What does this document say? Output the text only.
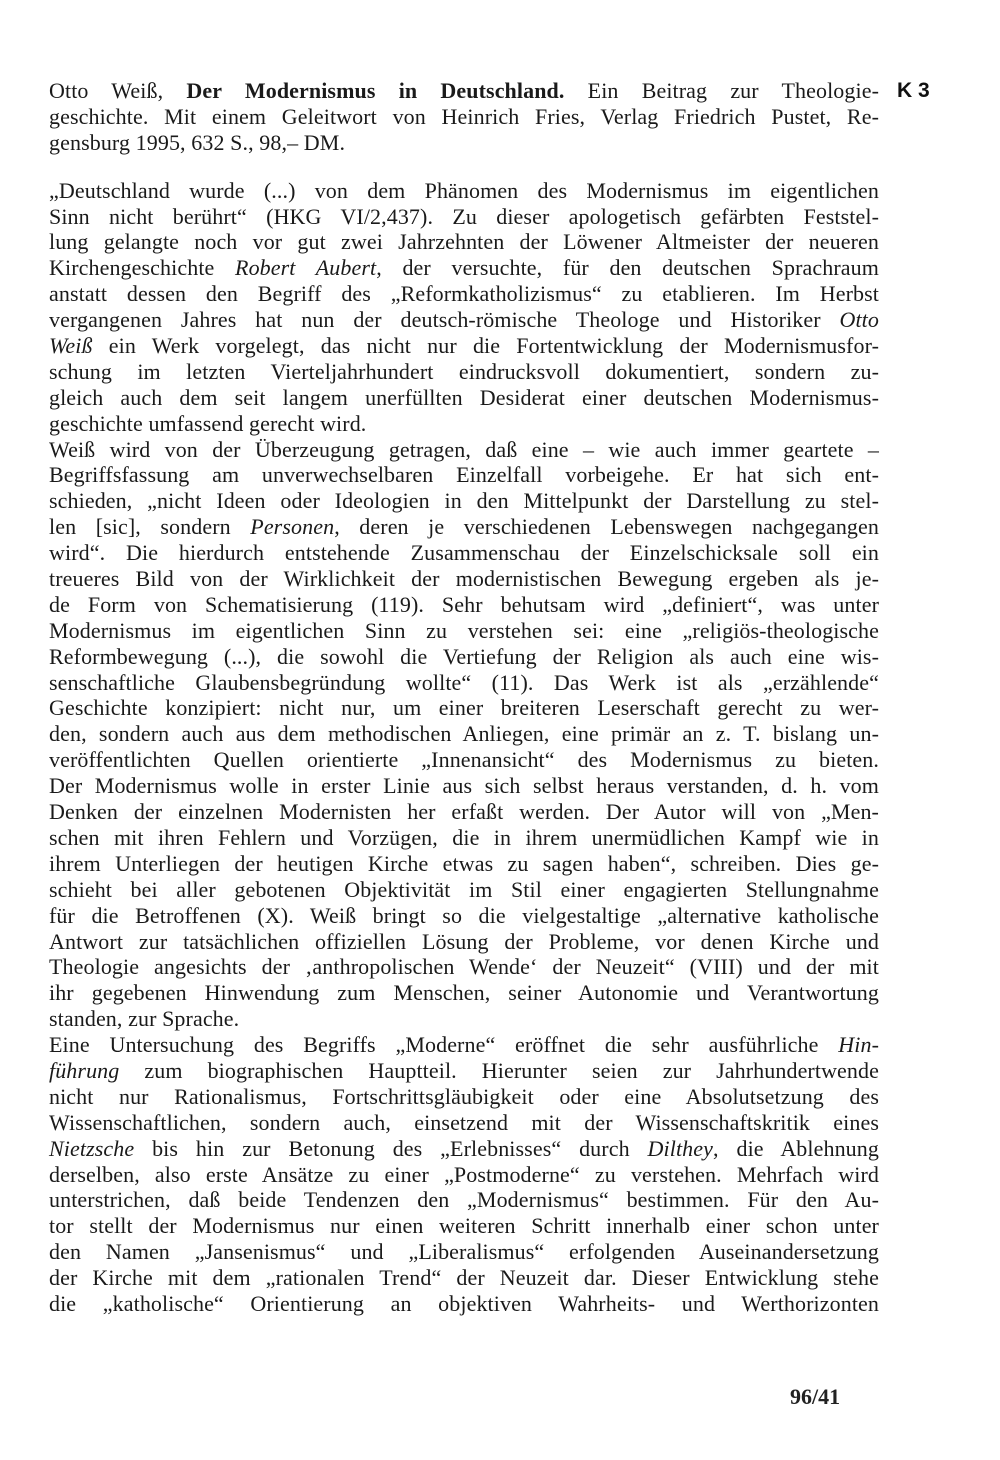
Otto Weiß, Der Modernismus in Deutschland. Ein Beitrag zur Theologie-
geschichte. Mit einem Geleitwort von Heinrich Fries, Verlag Friedrich Pustet, Re-
gensburg 1995, 632 S., 98,– DM.
„Deutschland wurde (...) von dem Phänomen des Modernismus im eigentlichen
Sinn nicht berührt“ (HKG VI/2,437). Zu dieser apologetisch gefärbten Feststel-
lung gelangte noch vor gut zwei Jahrzehnten der Löwener Altmeister der neueren
Kirchengeschichte Robert Aubert, der versuchte, für den deutschen Sprachraum
anstatt dessen den Begriff des „Reformkatholizismus“ zu etablieren. Im Herbst
vergangenen Jahres hat nun der deutsch-römische Theologe und Historiker Otto
Weiß ein Werk vorgelegt, das nicht nur die Fortentwicklung der Modernismusfor-
schung im letzten Vierteljahrhundert eindrucksvoll dokumentiert, sondern zu-
gleich auch dem seit langem unerfüllten Desiderat einer deutschen Modernismus-
geschichte umfassend gerecht wird.
Weiß wird von der Überzeugung getragen, daß eine – wie auch immer geartete –
Begriffsfassung am unverwechselbaren Einzelfall vorbeigehe. Er hat sich ent-
schieden, „nicht Ideen oder Ideologien in den Mittelpunkt der Darstellung zu stel-
len [sic], sondern Personen, deren je verschiedenen Lebenswegen nachgegangen
wird“. Die hierdurch entstehende Zusammenschau der Einzelschicksale soll ein
treueres Bild von der Wirklichkeit der modernistischen Bewegung ergeben als je-
de Form von Schematisierung (119). Sehr behutsam wird „definiert“, was unter
Modernismus im eigentlichen Sinn zu verstehen sei: eine „religiös-theologische
Reformbewegung (...), die sowohl die Vertiefung der Religion als auch eine wis-
senschaftliche Glaubensbegründung wollte“ (11). Das Werk ist als „erzählende“
Geschichte konzipiert: nicht nur, um einer breiteren Leserschaft gerecht zu wer-
den, sondern auch aus dem methodischen Anliegen, eine primär an z. T. bislang un-
veröffentlichten Quellen orientierte „Innenansicht“ des Modernismus zu bieten.
Der Modernismus wolle in erster Linie aus sich selbst heraus verstanden, d. h. vom
Denken der einzelnen Modernisten her erfaßt werden. Der Autor will von „Men-
schen mit ihren Fehlern und Vorzügen, die in ihrem unermüdlichen Kampf wie in
ihrem Unterliegen der heutigen Kirche etwas zu sagen haben“, schreiben. Dies ge-
schieht bei aller gebotenen Objektivität im Stil einer engagierten Stellungnahme
für die Betroffenen (X). Weiß bringt so die vielgestaltige „alternative katholische
Antwort zur tatsächlichen offiziellen Lösung der Probleme, vor denen Kirche und
Theologie angesichts der ‚anthropolischen Wende‘ der Neuzeit“ (VIII) und der mit
ihr gegebenen Hinwendung zum Menschen, seiner Autonomie und Verantwortung
standen, zur Sprache.
Eine Untersuchung des Begriffs „Moderne“ eröffnet die sehr ausführliche Hin-
führung zum biographischen Hauptteil. Hierunter seien zur Jahrhundertwende
nicht nur Rationalismus, Fortschrittsgläubigkeit oder eine Absolutsetzung des
Wissenschaftlichen, sondern auch, einsetzend mit der Wissenschaftskritik eines
Nietzsche bis hin zur Betonung des „Erlebnisses“ durch Dilthey, die Ablehnung
derselben, also erste Ansätze zu einer „Postmoderne“ zu verstehen. Mehrfach wird
unterstrichen, daß beide Tendenzen den „Modernismus“ bestimmen. Für den Au-
tor stellt der Modernismus nur einen weiteren Schritt innerhalb einer schon unter
den Namen „Jansenismus“ und „Liberalismus“ erfolgenden Auseinandersetzung
der Kirche mit dem „rationalen Trend“ der Neuzeit dar. Dieser Entwicklung stehe
die „katholische“ Orientierung an objektiven Wahrheits- und Werthorizonten
K 3
96/41
